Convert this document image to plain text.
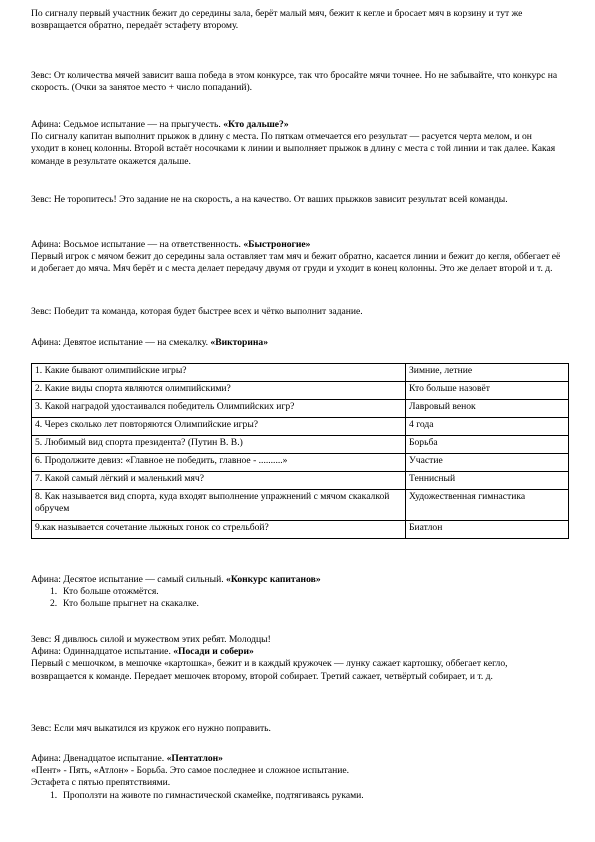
По сигналу первый участник бежит до середины зала, берёт малый мяч, бежит к кегле и бросает мяч в корзину и тут же возвращается обратно, передаёт эстафету второму.

Зевс: От количества мячей зависит ваша победа в этом конкурсе, так что бросайте мячи точнее. Но не забывайте, что конкурс на скорость. (Очки за занятое место + число попаданий).

Афина: Седьмое испытание — на прыгучесть. «Кто дальше?»

По сигналу капитан выполнит прыжок в длину с места. По пяткам отмечается его результат — расуется черта мелом, и он уходит в конец колонны. Второй встаёт носочками к линии и выполняет прыжок в длину с места с той линии и так далее. Какая команде в результате окажется дальше.

Зевс: Не торопитесь! Это задание не на скорость, а на качество. От ваших прыжков зависит результат всей команды.

Афина: Восьмое испытание — на ответственность. «Быстроногие»

Первый игрок с мячом бежит до середины зала оставляет там мяч и бежит обратно, касается линии и бежит до кегля, оббегает её и добегает до мяча. Мяч берёт и с места делает передачу двумя от груди и уходит в конец колонны. Это же делает второй и т. д.

Зевс: Победит та команда, которая будет быстрее всех и чётко выполнит задание.

Афина: Девятое испытание — на смекалку. «Викторина»

1. Какие бывают олимпийские игры?	Зимние, летние
2. Какие виды спорта являются олимпийскими?	Кто больше назовёт
3. Какой наградой удостаивался победитель Олимпийских игр?	Лавровый венок
4. Через сколько лет повторяются Олимпийские игры?	4 года
5. Любимый вид спорта президента? (Путин В. В.)	Борьба
6. Продолжите девиз: «Главное не победить, главное - ..........»	Участие
7. Какой самый лёгкий и маленький мяч?	Теннисный
8. Как называется вид спорта, куда входят выполнение упражнений с мячом скакалкой обручем	Художественная гимнастика
9.как называется сочетание лыжных гонок со стрельбой?	Биатлон

Афина: Десятое испытание — самый сильный. «Конкурс капитанов»

1. Кто больше отожмётся.
2. Кто больше прыгнет на скакалке.

Зевс: Я дивлюсь силой и мужеством этих ребят. Молодцы!

Афина: Одиннадцатое испытание. «Посади и собери»

Первый с мешочком, в мешочке «картошка», бежит и в каждый кружочек — лунку сажает картошку, оббегает кегло, возвращается к команде. Передает мешочек второму, второй собирает. Третий сажает, четвёртый собирает, и т. д.

Зевс: Если мяч выкатился из кружок его нужно поправить.

Афина: Двенадцатое испытание. «Пентатлон»

«Пент» - Пять, «Атлон» - Борьба. Это самое последнее и сложное испытание.

Эстафета с пятью препятствиями.

1. Проползти на животе по гимнастической скамейке, подтягиваясь руками.
